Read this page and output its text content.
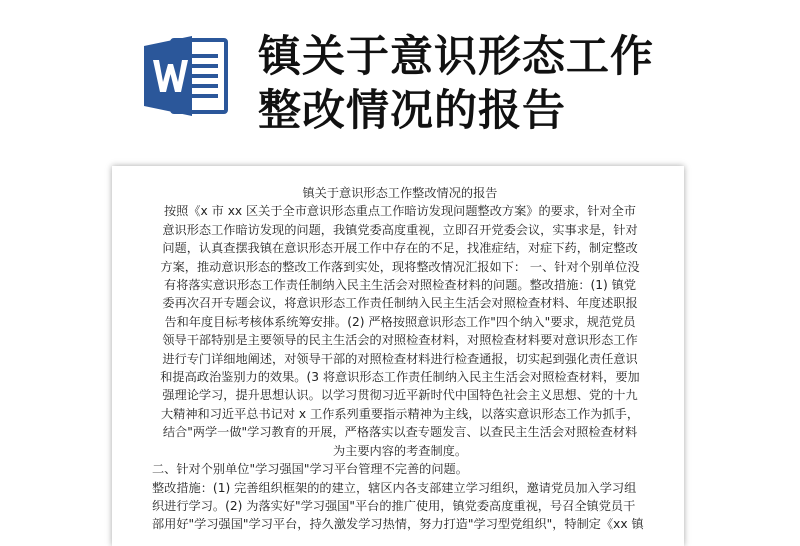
镇关于意识形态工作
整改情况的报告
镇关于意识形态工作整改情况的报告
按照《x 市 xx 区关于全市意识形态重点工作暗访发现问题整改方案》的要求，针对全市
意识形态工作暗访发现的问题，我镇党委高度重视，立即召开党委会议，实事求是，针对
问题，认真查摆我镇在意识形态开展工作中存在的不足，找准症结，对症下药，制定整改
方案，推动意识形态的整改工作落到实处，现将整改情况汇报如下： 一、针对个别单位没
有将落实意识形态工作责任制纳入民主生活会对照检查材料的问题。整改措施：(1) 镇党
委再次召开专题会议，将意识形态工作责任制纳入民主生活会对照检查材料、年度述职报
告和年度目标考核体系统筹安排。(2) 严格按照意识形态工作"四个纳入"要求，规范党员
领导干部特别是主要领导的民主生活会的对照检查材料，对照检查材料要对意识形态工作
进行专门详细地阐述，对领导干部的对照检查材料进行检查通报，切实起到强化责任意识
和提高政治鉴别力的效果。(3 将意识形态工作责任制纳入民主生活会对照检查材料，要加
强理论学习，提升思想认识。以学习贯彻习近平新时代中国特色社会主义思想、党的十九
大精神和习近平总书记对 x 工作系列重要指示精神为主线，以落实意识形态工作为抓手，
结合"两学一做"学习教育的开展，严格落实以查专题发言、以查民主生活会对照检查材料
为主要内容的考查制度。
二、针对个别单位"学习强国"学习平台管理不完善的问题。
整改措施：(1) 完善组织框架的的建立，辖区内各支部建立学习组织，邀请党员加入学习组
织进行学习。(2) 为落实好"学习强国"平台的推广使用，镇党委高度重视，号召全镇党员干
部用好"学习强国"学习平台，持久激发学习热情，努力打造"学习型党组织"，特制定《xx 镇
